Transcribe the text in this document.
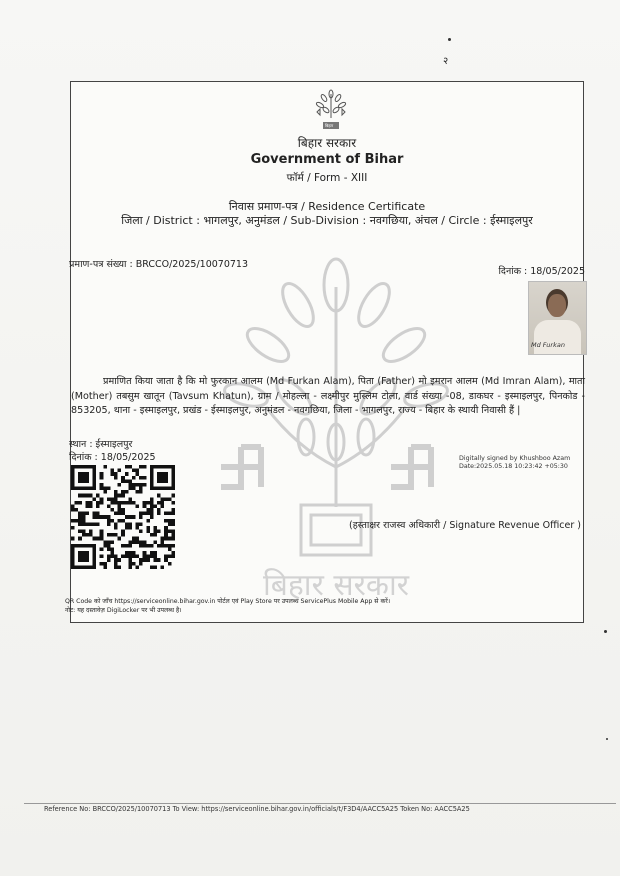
२
बिहार
बिहार सरकार
Government of Bihar
फॉर्म / Form - XIII
बिहार सरकार
निवास प्रमाण-पत्र / Residence Certificate
जिला / District : भागलपुर, अनुमंडल / Sub-Division : नवगछिया, अंचल / Circle : ईस्माइलपुर
प्रमाण-पत्र संख्या : BRCCO/2025/10070713
दिनांक : 18/05/2025
Md Furkan
प्रमाणित किया जाता है कि मो फुरकान आलम (Md Furkan Alam), पिता (Father) मो इमरान आलम (Md Imran Alam), माता (Mother) तबसुम खातून (Tavsum Khatun), ग्राम / मोहल्ला - लक्ष्मीपुर मुस्लिम टोला, वार्ड संख्या -08, डाकघर - इस्माइलपुर, पिनकोड - 853205, थाना - इस्माइलपुर, प्रखंड - ईस्माइलपुर, अनुमंडल - नवगछिया, जिला - भागलपुर, राज्य - बिहार के स्थायी निवासी हैं |
स्थान : ईस्माइलपुर
दिनांक : 18/05/2025	Digitally signed by Khushboo Azam
Date:2025.05.18 10:23:42 +05:30
(हस्ताक्षर राजस्व अधिकारी / Signature Revenue Officer )
QR Code को जाँच https://serviceonline.bihar.gov.in पोर्टल एवं Play Store पर उपलब्ध ServicePlus Mobile App से करें।
नोट: यह दस्तावेज़ DigiLocker पर भी उपलब्ध है।
Reference No: BRCCO/2025/10070713 To View: https://serviceonline.bihar.gov.in/officials/t/F3D4/AACC5A25 Token No: AACC5A25
